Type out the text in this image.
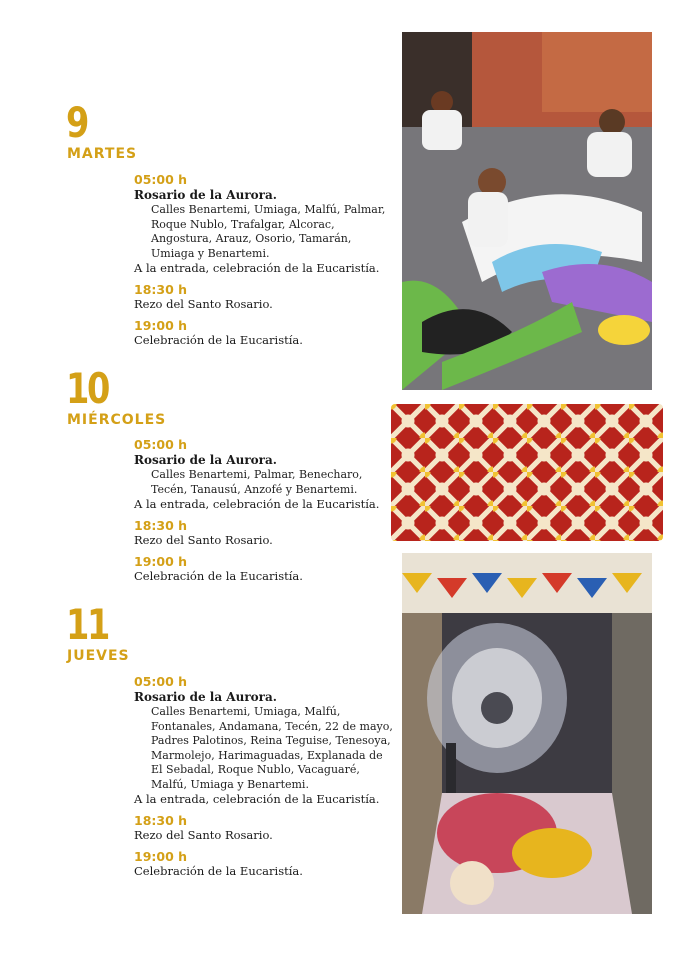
9
MARTES
05:00 h
Rosario de la Aurora.
Calles Benartemi, Umiaga, Malfú, Palmar, Roque Nublo, Trafalgar, Alcorac, Angostura, Arauz, Osorio, Tamarán, Umiaga y Benartemi.
A la entrada, celebración de la Eucaristía.
18:30 h
Rezo del Santo Rosario.
19:00 h
Celebración de la Eucaristía.
10
MIÉRCOLES
05:00 h
Rosario de la Aurora.
Calles Benartemi, Palmar, Benecharo, Tecén, Tanausú, Anzofé y Benartemi.
A la entrada, celebración de la Eucaristía.
18:30 h
Rezo del Santo Rosario.
19:00 h
Celebración de la Eucaristía.
11
JUEVES
05:00 h
Rosario de la Aurora.
Calles Benartemi, Umiaga, Malfú, Fontanales, Andamana, Tecén, 22 de mayo, Padres Palotinos, Reina Teguise, Tenesoya, Marmolejo, Harimaguadas, Explanada de El Sebadal, Roque Nublo, Vacaguaré, Malfú, Umiaga y Benartemi.
A la entrada, celebración de la Eucaristía.
18:30 h
Rezo del Santo Rosario.
19:00 h
Celebración de la Eucaristía.
